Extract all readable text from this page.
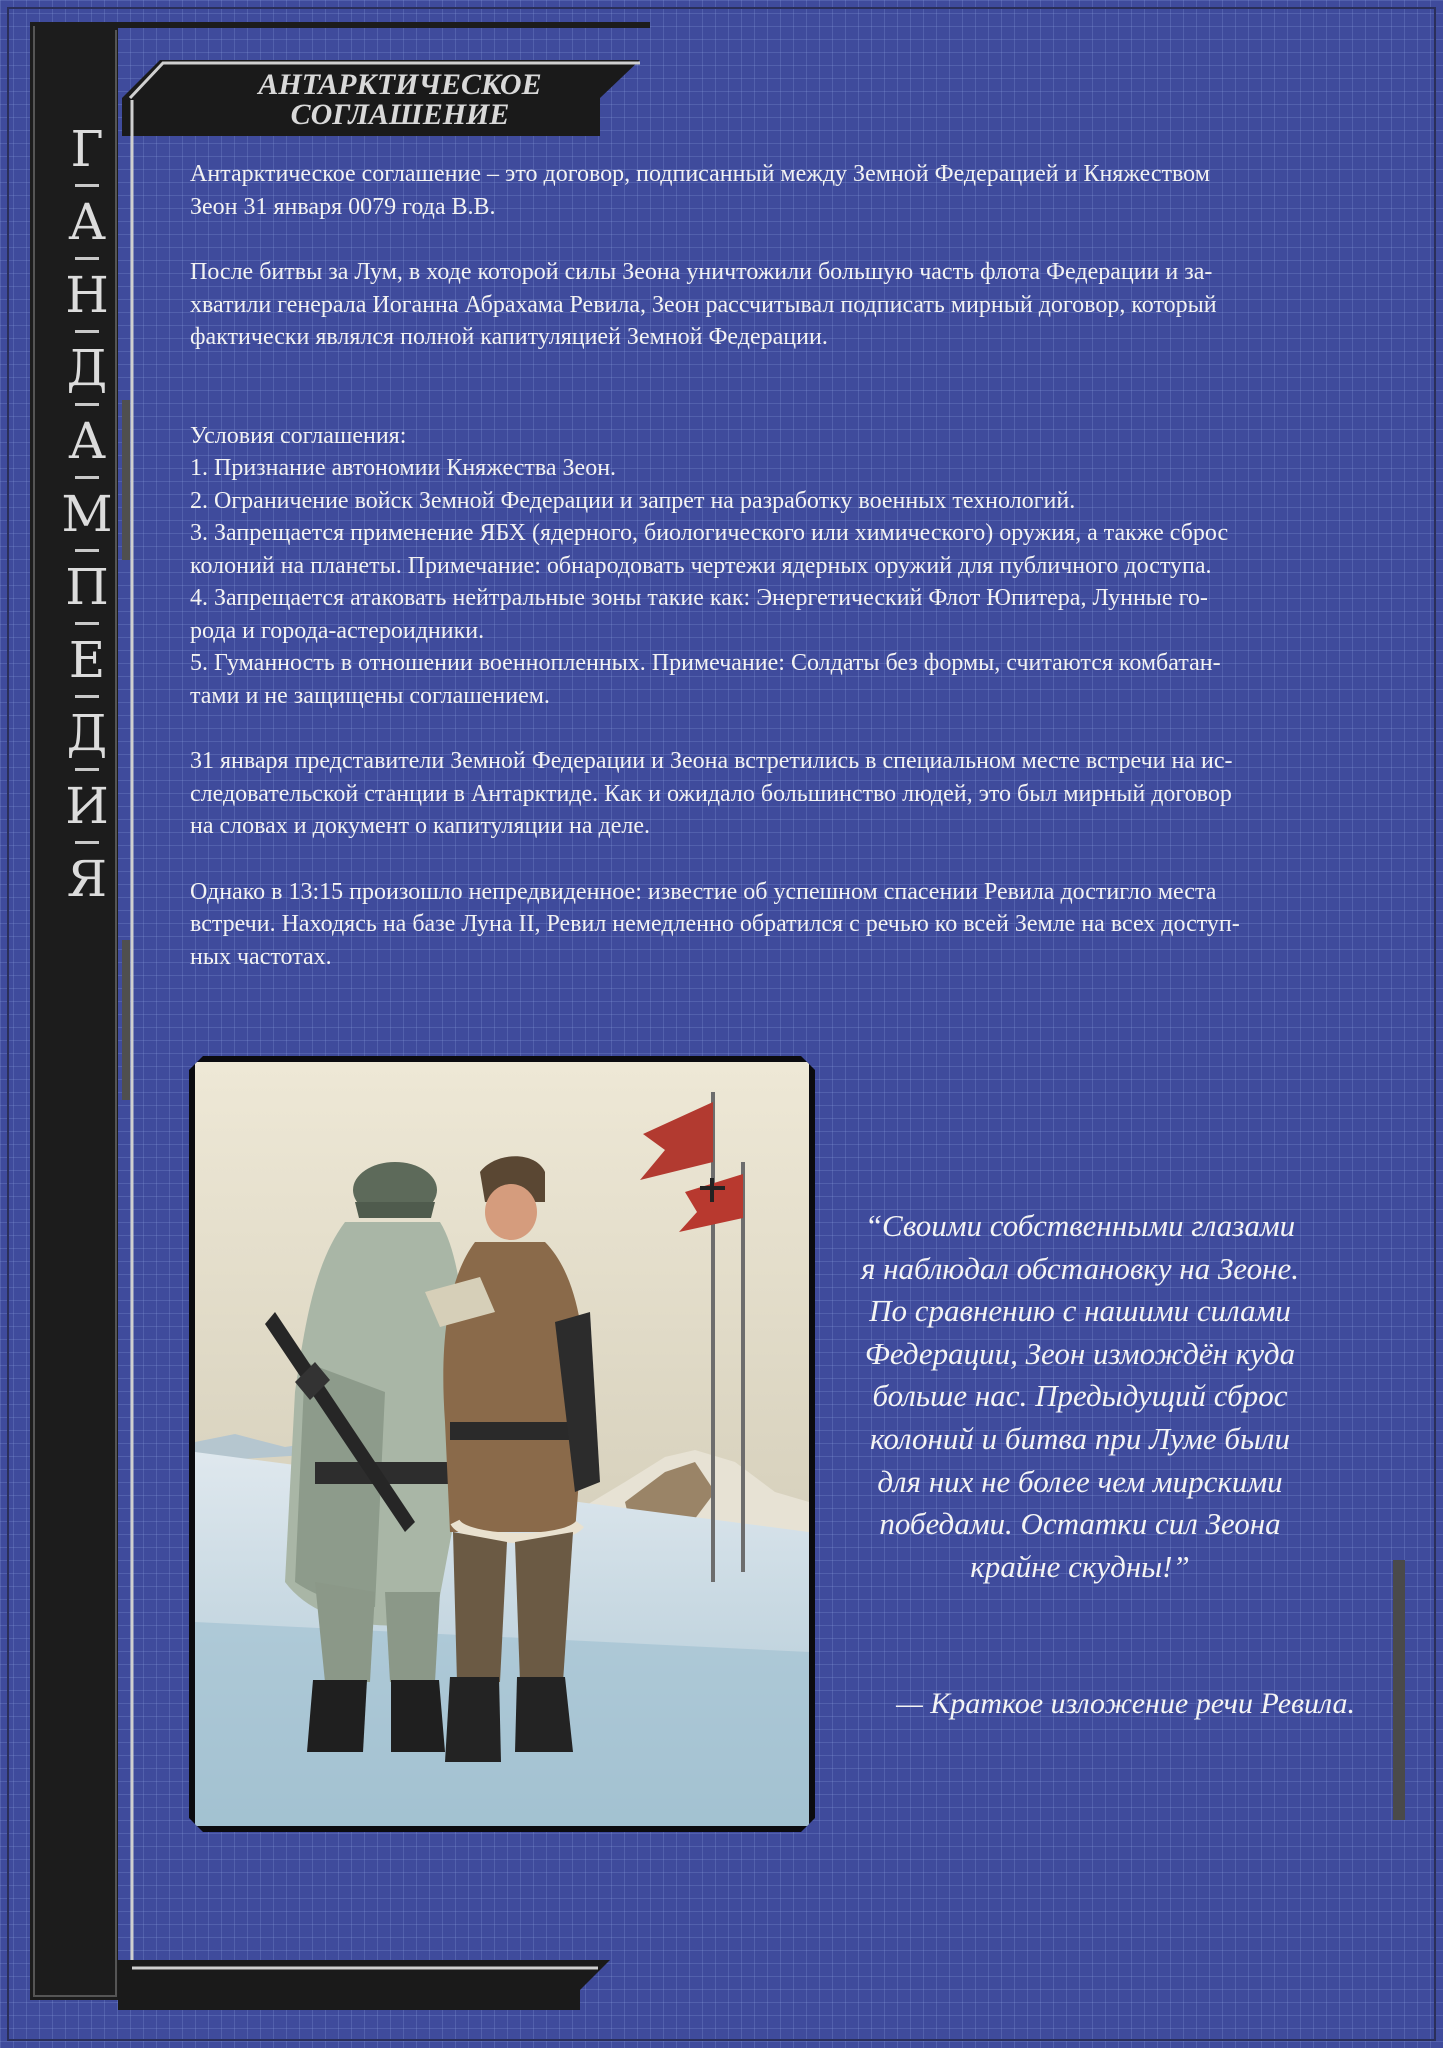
Г
А
Н
Д
А
М
П
Е
Д
И
Я
АНТАРКТИЧЕСКОЕ
СОГЛАШЕНИЕ

Антарктическое соглашение – это договор, подписанный между Земной Федерацией и Княжеством
Зеон 31 января 0079 года В.В.

После битвы за Лум, в ходе которой силы Зеона уничтожили большую часть флота Федерации и за-
хватили генерала Иоганна Абрахама Ревила, Зеон рассчитывал подписать мирный договор, который
фактически являлся полной капитуляцией Земной Федерации.

Условия соглашения:

1. Признание автономии Княжества Зеон.

2. Ограничение войск Земной Федерации и запрет на разработку военных технологий.

3. Запрещается применение ЯБХ (ядерного, биологического или химического) оружия, а также сброс

колоний на планеты. Примечание: обнародовать чертежи ядерных оружий для публичного доступа.

4. Запрещается атаковать нейтральные зоны такие как: Энергетический Флот Юпитера, Лунные го-

рода и города-астероидники.

5. Гуманность в отношении военнопленных. Примечание: Солдаты без формы, считаются комбатан-

тами и не защищены соглашением.

31 января представители Земной Федерации и Зеона встретились в специальном месте встречи на ис-
следовательской станции в Антарктиде. Как и ожидало большинство людей, это был мирный договор
на словах и документ о капитуляции на деле.

Однако в 13:15 произошло непредвиденное: известие об успешном спасении Ревила достигло места
встречи. Находясь на базе Луна II, Ревил немедленно обратился с речью ко всей Земле на всех доступ-
ных частотах.

“Своими собственными глазами
я наблюдал обстановку на Зеоне.
По сравнению с нашими силами
Федерации, Зеон измождён куда
больше нас. Предыдущий сброс
колоний и битва при Луме были
для них не более чем мирскими
победами. Остатки сил Зеона
крайне скудны!”
— Краткое изложение речи Ревила.
